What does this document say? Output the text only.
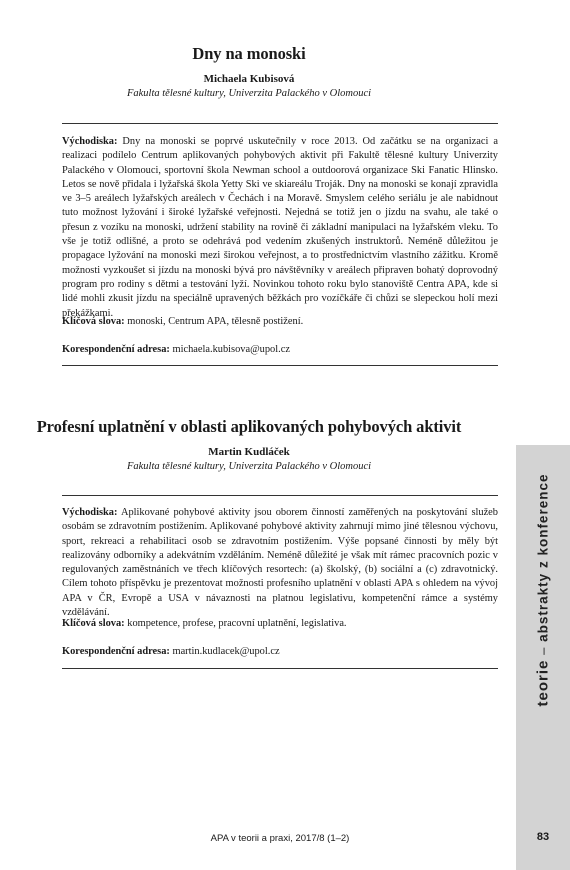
Dny na monoski
Michaela Kubisová
Fakulta tělesné kultury, Univerzita Palackého v Olomouci
Východiska: Dny na monoski se poprvé uskutečnily v roce 2013. Od začátku se na organizaci a realizaci podílelo Centrum aplikovaných pohybových aktivit při Fakultě tělesné kultury Univerzity Palackého v Olomouci, sportovní škola Newman school a outdoorová organizace Ski Fanatic Hlinsko. Letos se nově přidala i lyžařská škola Yetty Ski ve skiareálu Troják. Dny na monoski se konají zpravidla ve 3–5 areálech lyžařských areálech v Čechách i na Moravě. Smyslem celého seriálu je ale nabidnout tuto možnost lyžování i široké lyžařské veřejnosti. Nejedná se totiž jen o jízdu na svahu, ale také o přesun z vozíku na monoski, udržení stability na rovině či základní manipulaci na lyžařském vleku. To vše je totiž odlišné, a proto se odehrává pod vedením zkušených instruktorů. Neméně důležitou je propagace lyžování na monoski mezi širokou veřejnost, a to prostřednictvím vlastního zážitku. Kromě možnosti vyzkoušet si jízdu na monoski bývá pro návštěvníky v areálech připraven bohatý doprovodný program pro rodiny s dětmi a testování lyží. Novinkou tohoto roku bylo stanoviště Centra APA, kde si lidé mohli zkusit jízdu na speciálně upravených běžkách pro vozíčkáře či chůzi se slepeckou holí mezi překážkami.
Klíčová slova: monoski, Centrum APA, tělesně postižení.
Korespondenční adresa: michaela.kubisova@upol.cz
Profesní uplatnění v oblasti aplikovaných pohybových aktivit
Martin Kudláček
Fakulta tělesné kultury, Univerzita Palackého v Olomouci
Východiska: Aplikované pohybové aktivity jsou oborem činností zaměřených na poskytování služeb osobám se zdravotním postižením. Aplikované pohybové aktivity zahrnují mimo jiné tělesnou výchovu, sport, rekreaci a rehabilitaci osob se zdravotním postižením. Výše popsané činnosti by měly být realizovány odborníky a adekvátním vzděláním. Neméně důležité je však mít rámec pracovních pozic v regulovaných zaměstnáních ve třech klíčových resortech: (a) školský, (b) sociální a (c) zdravotnický. Cílem tohoto příspěvku je prezentovat možnosti profesního uplatnění v oblasti APA s ohledem na vývoj APA v ČR, Evropě a USA v návaznosti na platnou legislativu, kompetenční rámce a systémy vzdělávání.
Klíčová slova: kompetence, profese, pracovní uplatnění, legislativa.
Korespondenční adresa: martin.kudlacek@upol.cz
teorie – abstrakty z konference
APA v teorii a praxi, 2017/8 (1–2)	83
